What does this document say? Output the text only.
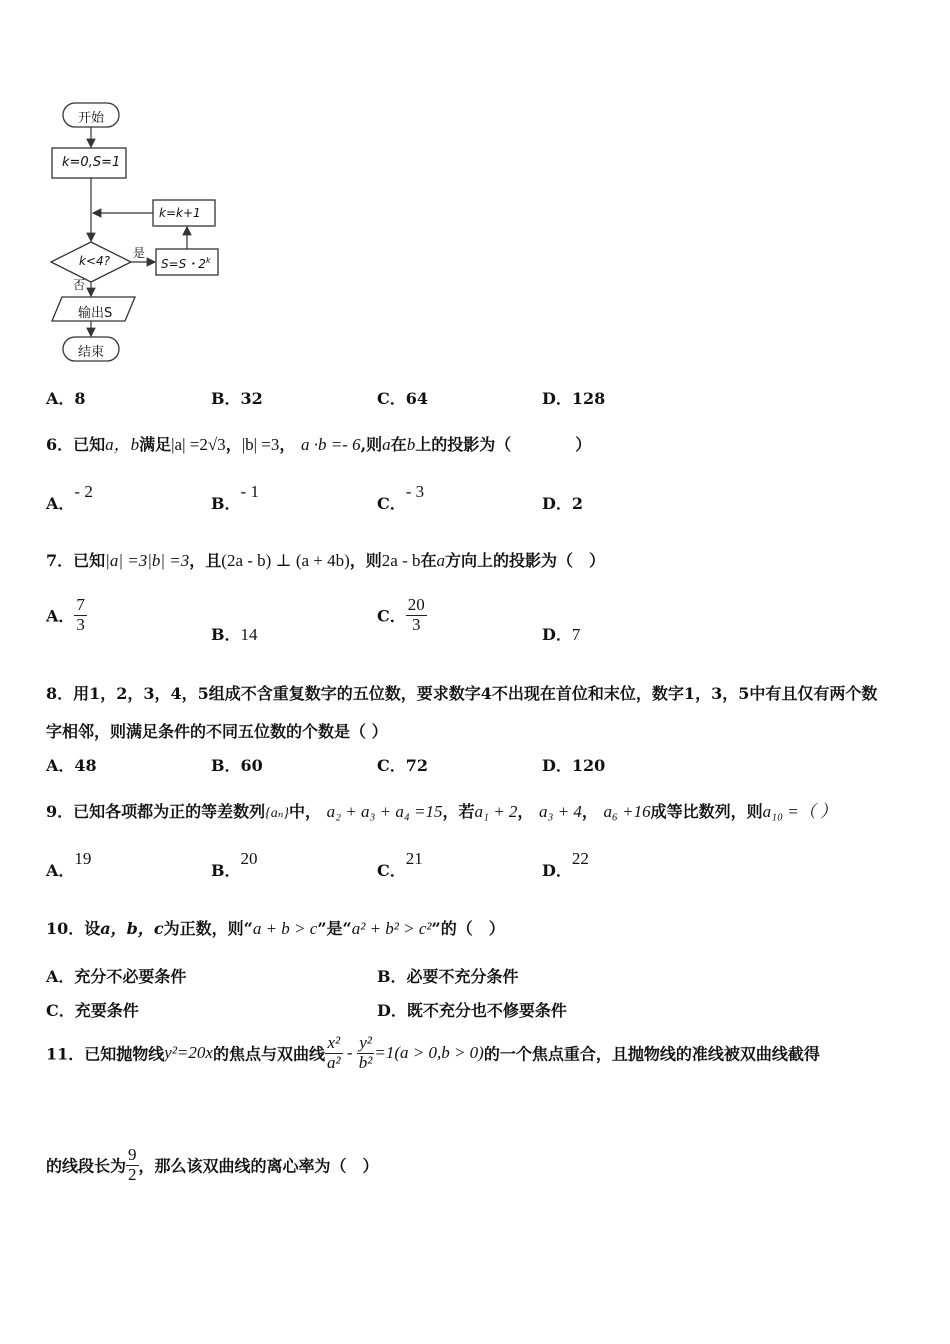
开始
k=0,S=1
k=k+1
k<4?
是
否
S=S・2$^k$
输出S
结束
A．8	B．32	C．64	D．128
6．已知a，b满足|a| =2√3，|b| =3， a ·b =- 6,则a在b上的投影为（　　　　）
A．- 2
B．- 1
C．- 3
D．2
7．已知|a| =3|b| =3，且(2a - b) ⊥ (a + 4b)，则2a - b在a方向上的投影为（　）
A． $\frac{7}{3}$
B．14
C． $\frac{20}{3}$
D．7
8．用1，2，3，4，5组成不含重复数字的五位数，要求数字4不出现在首位和末位，数字1，3，5中有且仅有两个数
字相邻，则满足条件的不同五位数的个数是（ ）
A．48	B．60	C．72	D．120
9．已知各项都为正的等差数列{aₙ}中， a₂ + a₃ + a₄ =15，若a₁ + 2， a₃ + 4， a₆ +16成等比数列，则a₁₀ =（ ）
A．19
B．20
C．21
D．22
10．设a，b，c为正数，则“a + b > c”是“a² + b² > c²”的（　）
A．充分不必要条件	B．必要不充分条件
C．充要条件	D．既不充分也不修要条件
11．已知抛物线y²=20x的焦点与双曲线 $\frac{\text{x²}}{\text{a²}} - \frac{\text{y²}}{\text{b²}} =1(a > 0,b > 0)$的一个焦点重合，且抛物线的准线被双曲线截得
的线段长为 $\frac{9}{2}$ ，那么该双曲线的离心率为（　）
